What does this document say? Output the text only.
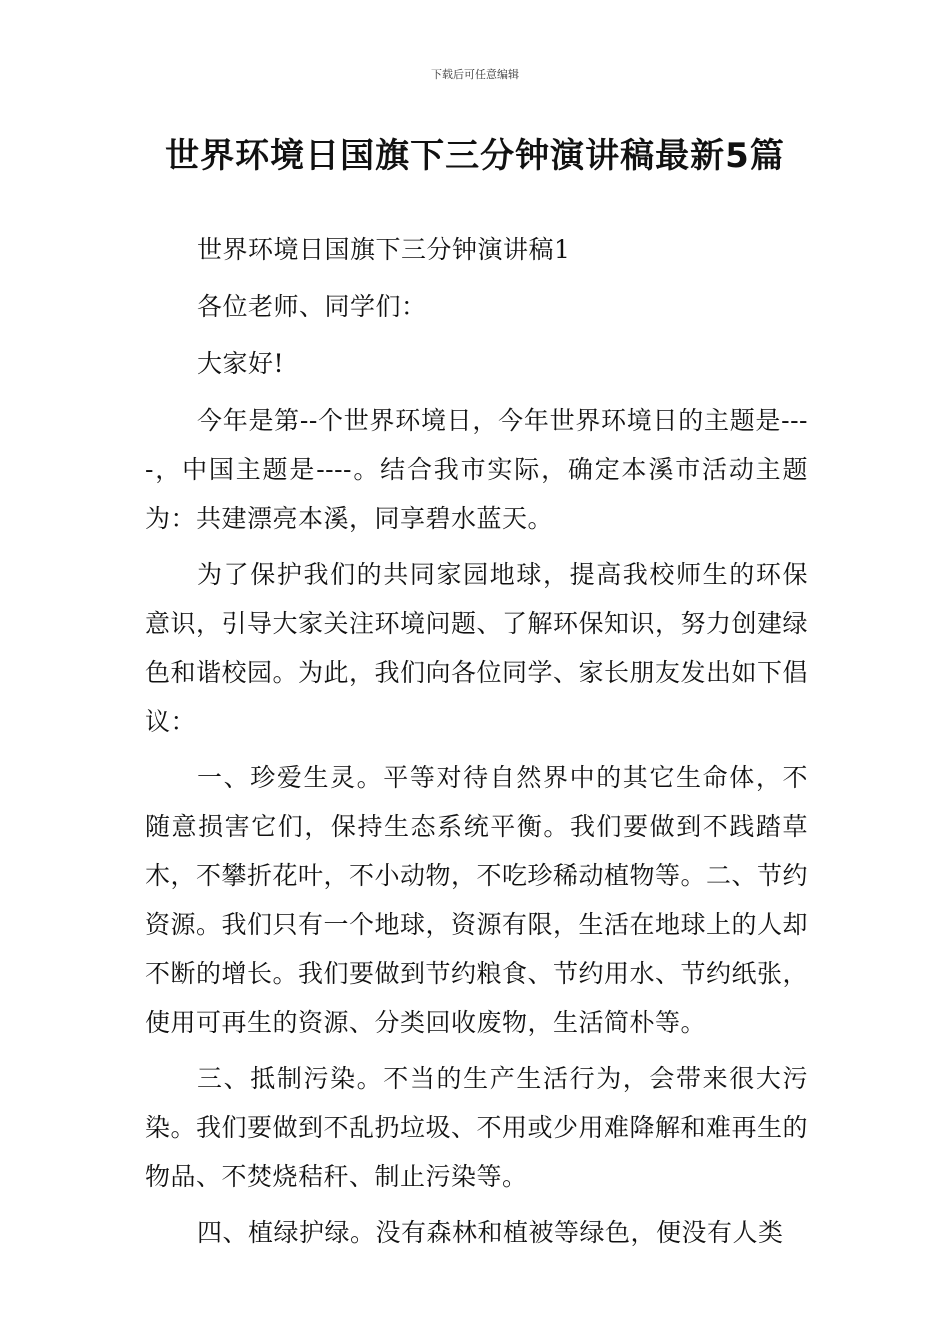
下载后可任意编辑
世界环境日国旗下三分钟演讲稿最新5篇

世界环境日国旗下三分钟演讲稿1

各位老师、同学们：

大家好!

今年是第--个世界环境日，今年世界环境日的主题是----，中国主题是----。结合我市实际，确定本溪市活动主题为：共建漂亮本溪，同享碧水蓝天。

为了保护我们的共同家园地球，提高我校师生的环保意识，引导大家关注环境问题、了解环保知识，努力创建绿色和谐校园。为此，我们向各位同学、家长朋友发出如下倡议：

一、珍爱生灵。平等对待自然界中的其它生命体，不随意损害它们，保持生态系统平衡。我们要做到不践踏草木，不攀折花叶，不小动物，不吃珍稀动植物等。二、节约资源。我们只有一个地球，资源有限，生活在地球上的人却不断的增长。我们要做到节约粮食、节约用水、节约纸张，使用可再生的资源、分类回收废物，生活简朴等。

三、抵制污染。不当的生产生活行为，会带来很大污染。我们要做到不乱扔垃圾、不用或少用难降解和难再生的物品、不焚烧秸秆、制止污染等。

四、植绿护绿。没有森林和植被等绿色，便没有人类
